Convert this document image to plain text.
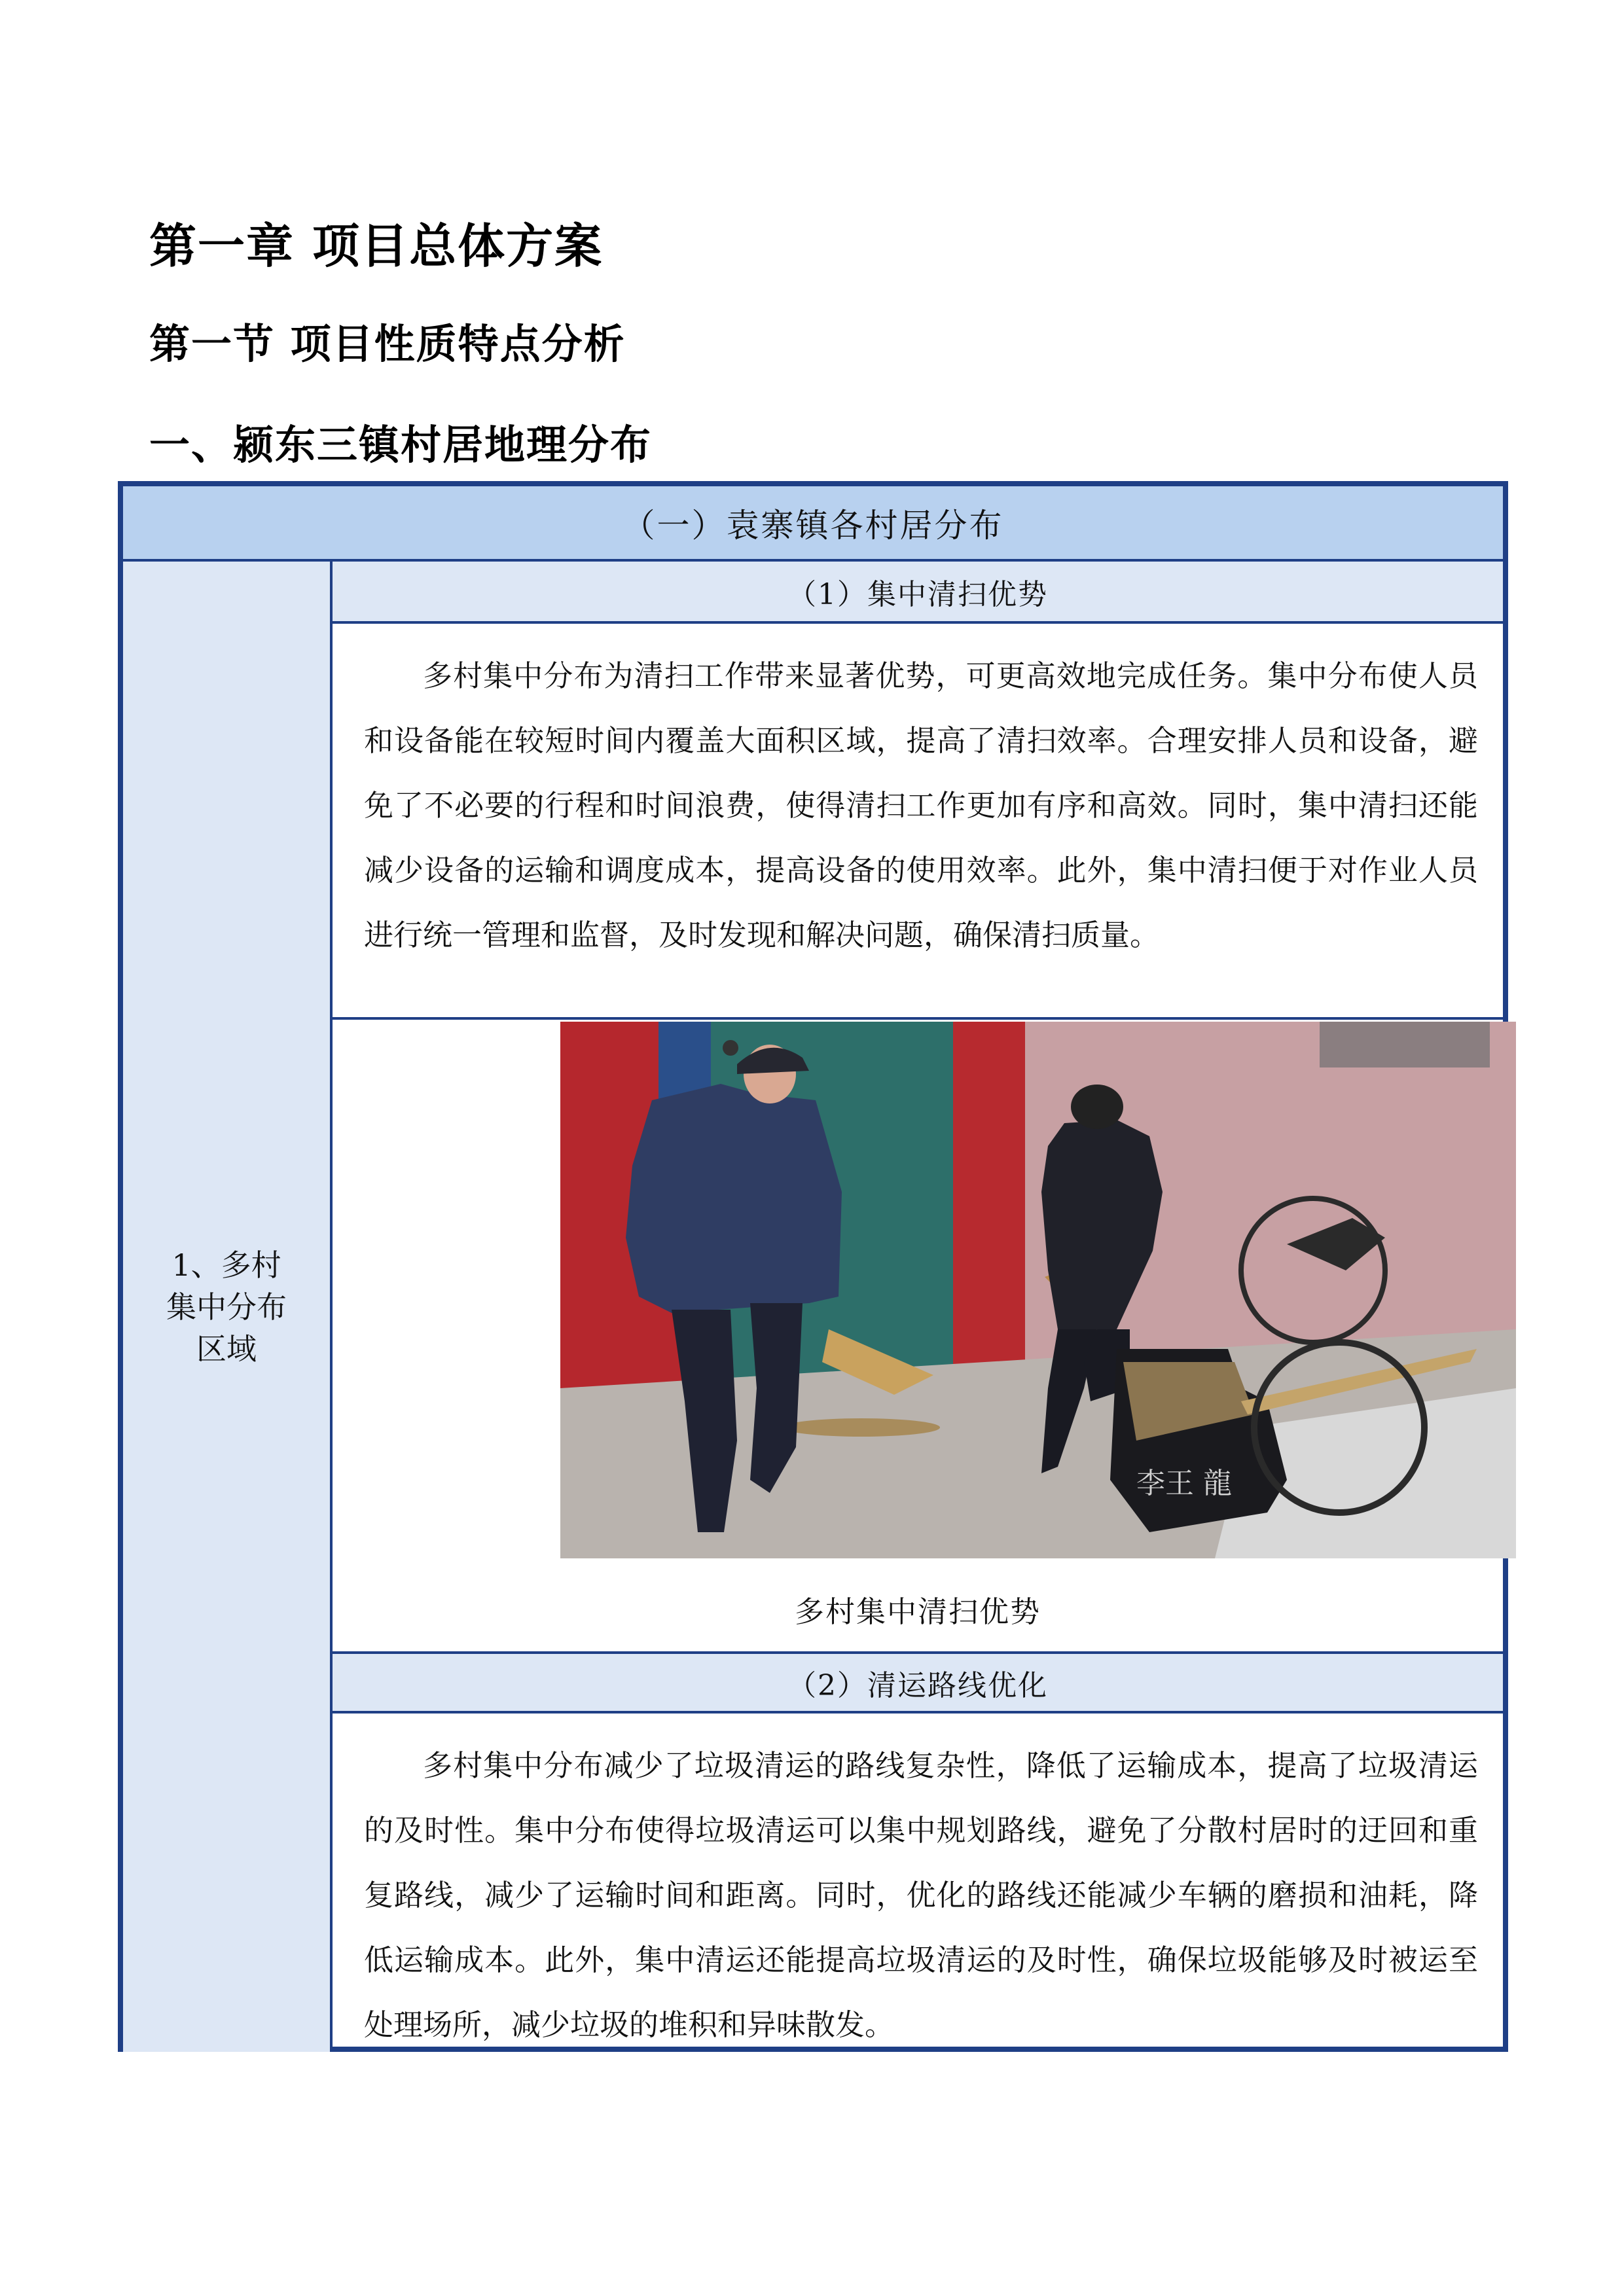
第一章 项目总体方案
第一节 项目性质特点分析
一、颍东三镇村居地理分布
（一）袁寨镇各村居分布
1、多村集中分布区域
（1）集中清扫优势

多村集中分布为清扫工作带来显著优势，可更高效地完成任务。集中分布使人员和设备能在较短时间内覆盖大面积区域，提高了清扫效率。合理安排人员和设备，避免了不必要的行程和时间浪费，使得清扫工作更加有序和高效。同时，集中清扫还能减少设备的运输和调度成本，提高设备的使用效率。此外，集中清扫便于对作业人员进行统一管理和监督，及时发现和解决问题，确保清扫质量。

李王 龍
多村集中清扫优势
（2）清运路线优化

多村集中分布减少了垃圾清运的路线复杂性，降低了运输成本，提高了垃圾清运的及时性。集中分布使得垃圾清运可以集中规划路线，避免了分散村居时的迂回和重复路线，减少了运输时间和距离。同时，优化的路线还能减少车辆的磨损和油耗，降低运输成本。此外，集中清运还能提高垃圾清运的及时性，确保垃圾能够及时被运至处理场所，减少垃圾的堆积和异味散发。
